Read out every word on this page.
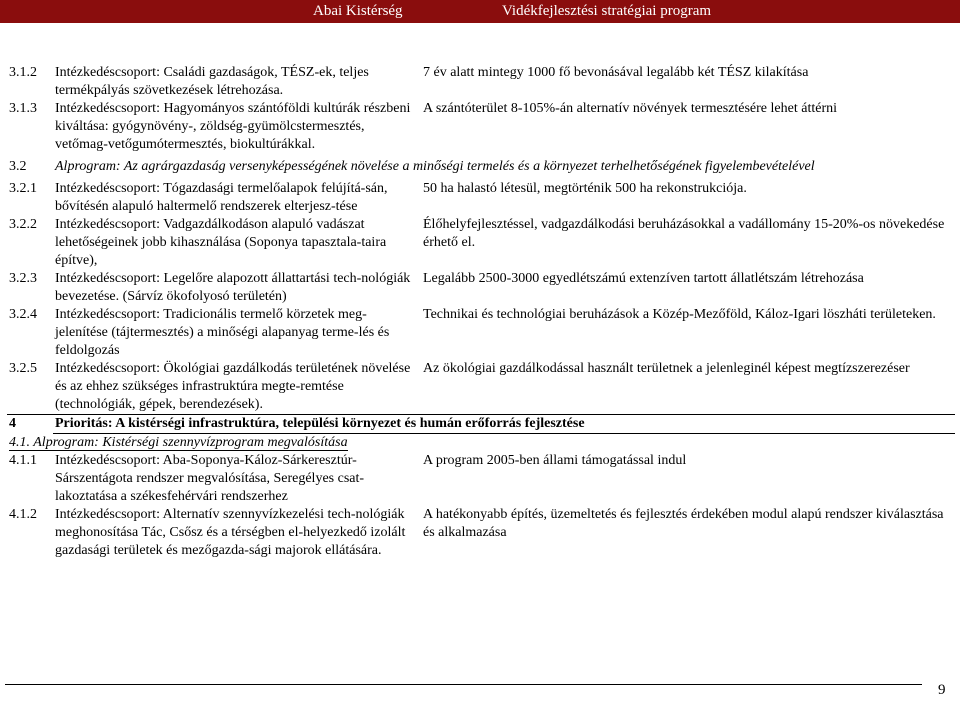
Abai Kistérség	Vidékfejlesztési stratégiai program
3.1.2	Intézkedéscsoport: Családi gazdaságok, TÉSZ-ek, teljes termékpályás szövetkezések létrehozása.	7 év alatt mintegy 1000 fő bevonásával legalább két TÉSZ kilakítása
3.1.3	Intézkedéscsoport: Hagyományos szántóföldi kultúrák részbeni kiváltása: gyógynövény-, zöldség-gyümölcstermesztés, vetőmag-vetőgumótermesztés, biokultúrákkal.	A szántóterület 8-105%-án alternatív növények termesztésére lehet áttérni
3.2	Alprogram: Az agrárgazdaság versenyképességének növelése a minőségi termelés és a környezet terhelhetőségének figyelembevételével	
3.2.1	Intézkedéscsoport: Tógazdasági termelőalapok felújítá-sán, bővítésén alapuló haltermelő rendszerek elterjesz-tése	50 ha halastó létesül, megtörténik 500 ha rekonstrukciója.
3.2.2	Intézkedéscsoport: Vadgazdálkodáson alapuló vadászat lehetőségeinek jobb kihasználása (Soponya tapasztala-taira építve),	Élőhelyfejlesztéssel, vadgazdálkodási beruházásokkal a vadállomány 15-20%-os növekedése érhető el.
3.2.3	Intézkedéscsoport: Legelőre alapozott állattartási tech-nológiák bevezetése. (Sárvíz ökofolyosó területén)	Legalább 2500-3000 egyedlétszámú extenzíven tartott állatlétszám létrehozása
3.2.4	Intézkedéscsoport: Tradicionális termelő körzetek meg-jelenítése (tájtermesztés) a minőségi alapanyag terme-lés és feldolgozás	Technikai és technológiai beruházások a Közép-Mezőföld, Káloz-Igari löszháti területeken.
3.2.5	Intézkedéscsoport: Ökológiai gazdálkodás területének növelése és az ehhez szükséges infrastruktúra megte-remtése (technológiák, gépek, berendezések).	Az ökológiai gazdálkodással használt területnek a jelenleginél képest megtízszerezéser
4	Prioritás: A kistérségi infrastruktúra, települési környezet és humán erőforrás fejlesztése	
4.1. Alprogram: Kistérségi szennyvízprogram megvalósítása		
4.1.1	Intézkedéscsoport: Aba-Soponya-Káloz-Sárkeresztúr-Sárszentágota rendszer megvalósítása, Seregélyes csat-lakoztatása a székesfehérvári rendszerhez	A program 2005-ben állami támogatással indul
4.1.2	Intézkedéscsoport: Alternatív szennyvízkezelési tech-nológiák meghonosítása Tác, Csősz és a térségben el-helyezkedő izolált gazdasági területek és mezőgazda-sági majorok ellátására.	A hatékonyabb építés, üzemeltetés és fejlesztés érdekében modul alapú rendszer kiválasztása és alkalmazása
9
